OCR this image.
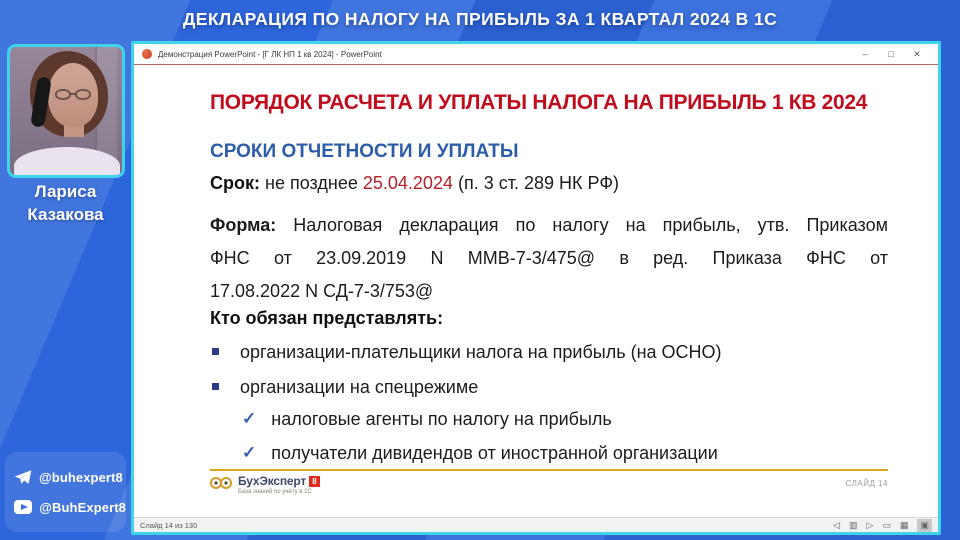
ДЕКЛАРАЦИЯ ПО НАЛОГУ НА ПРИБЫЛЬ ЗА 1 КВАРТАЛ 2024 В 1С
Лариса
Казакова
@buhexpert8
@BuhExpert8
Демонстрация PowerPoint - [Г ЛК НП 1 кв 2024] - PowerPoint	–	□	✕
ПОРЯДОК РАСЧЕТА И УПЛАТЫ НАЛОГА НА ПРИБЫЛЬ 1 КВ 2024
СРОКИ ОТЧЕТНОСТИ И УПЛАТЫ
Срок: не позднее 25.04.2024 (п. 3 ст. 289 НК РФ)
Форма: Налоговая декларация по налогу на прибыль, утв. Приказом
ФНС от 23.09.2019 N ММВ-7-3/475@ в ред. Приказа ФНС от
17.08.2022 N СД-7-3/753@
Кто обязан представлять:
организации-плательщики налога на прибыль (на ОСНО)
организации на спецрежиме
✓ налоговые агенты по налогу на прибыль
✓ получатели дивидендов от иностранной организации
БухЭксперт 8
База знаний по учёту в 1С
СЛАЙД 14
Слайд 14 из 130	◁ ▥ ▷ ▭ ▦	▣
